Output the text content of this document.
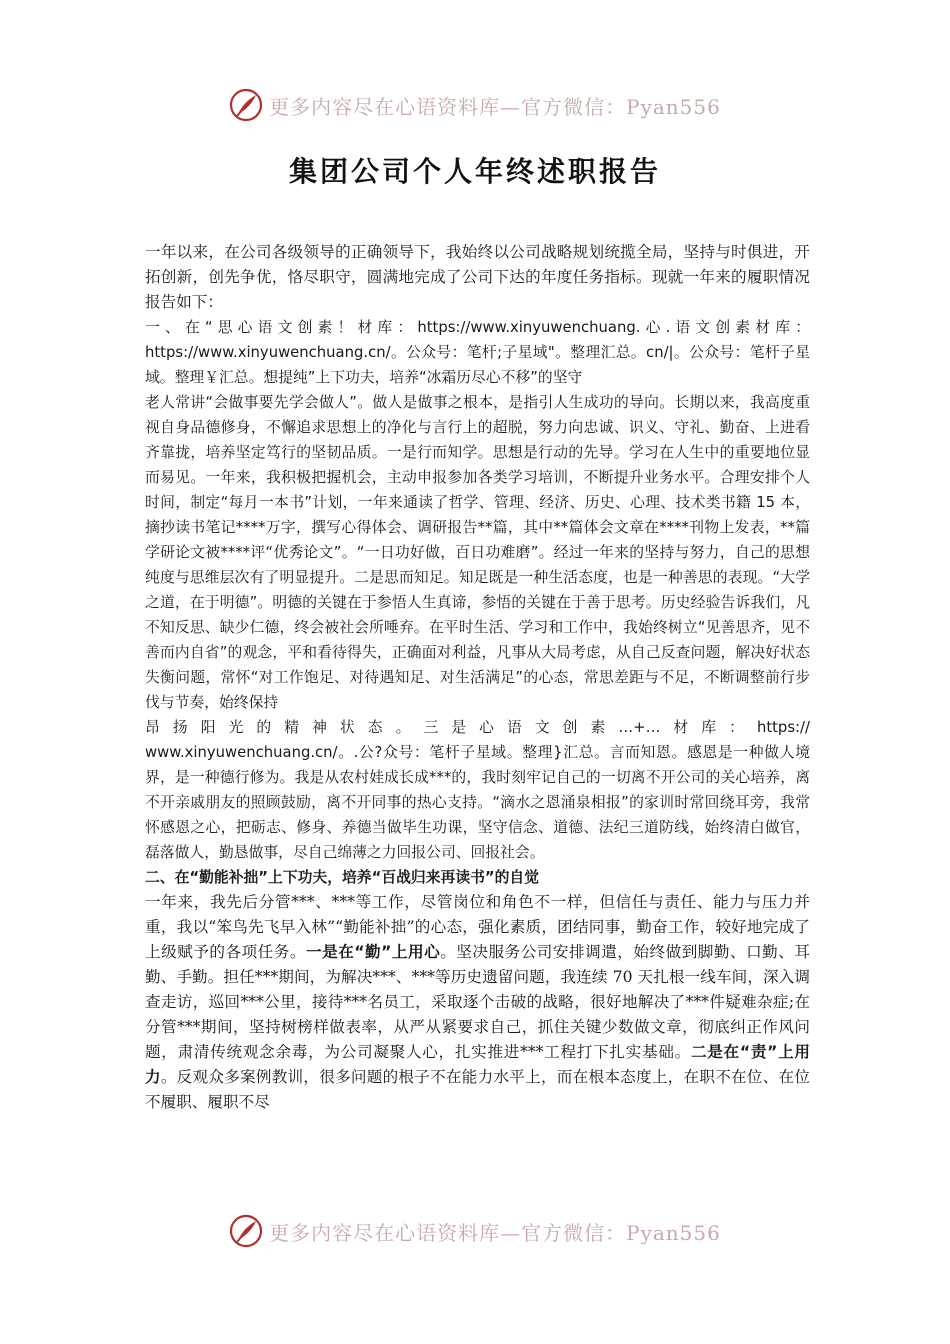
更多内容尽在心语资料库—官方微信：Pyan556
集团公司个人年终述职报告

一年以来，在公司各级领导的正确领导下，我始终以公司战略规划统揽全局，坚持与时俱进，开拓创新，创先争优，恪尽职守，圆满地完成了公司下达的年度任务指标。现就一年来的履职情况报告如下：

一、在“思心语文创素！材库：https://www.xinyuwenchuang.心.语文创素材库：https://www.xinyuwenchuang.cn/。公众号：笔杆;子星域"。整理汇总。cn/|。公众号：笔杆子星域。整理￥汇总。想提纯”上下功夫，培养“冰霜历尽心不移”的坚守

老人常讲“会做事要先学会做人”。做人是做事之根本，是指引人生成功的导向。长期以来，我高度重视自身品德修身，不懈追求思想上的净化与言行上的超脱，努力向忠诚、识义、守礼、勤奋、上进看齐靠拢，培养坚定笃行的坚韧品质。一是行而知学。思想是行动的先导。学习在人生中的重要地位显而易见。一年来，我积极把握机会，主动申报参加各类学习培训，不断提升业务水平。合理安排个人时间，制定“每月一本书”计划，一年来通读了哲学、管理、经济、历史、心理、技术类书籍 15 本，摘抄读书笔记****万字，撰写心得体会、调研报告**篇，其中**篇体会文章在****刊物上发表，**篇学研论文被****评“优秀论文”。“一日功好做，百日功难磨”。经过一年来的坚持与努力，自己的思想纯度与思维层次有了明显提升。二是思而知足。知足既是一种生活态度，也是一种善思的表现。“大学之道，在于明德”。明德的关键在于参悟人生真谛，参悟的关键在于善于思考。历史经验告诉我们，凡不知反思、缺少仁德，终会被社会所唾弃。在平时生活、学习和工作中，我始终树立“见善思齐，见不善而内自省”的观念，平和看待得失，正确面对利益，凡事从大局考虑，从自己反查问题，解决好状态失衡问题，常怀“对工作饱足、对待遇知足、对生活满足”的心态，常思差距与不足，不断调整前行步伐与节奏，始终保持

昂扬阳光的精神状态。三是心语文创素…+…材库：https://

www.xinyuwenchuang.cn/。.公?众号：笔杆子星域。整理}汇总。言而知恩。感恩是一种做人境界，是一种德行修为。我是从农村娃成长成***的，我时刻牢记自己的一切离不开公司的关心培养，离不开亲戚朋友的照顾鼓励，离不开同事的热心支持。“滴水之恩涌泉相报”的家训时常回绕耳旁，我常怀感恩之心，把砺志、修身、养德当做毕生功课，坚守信念、道德、法纪三道防线，始终清白做官，磊落做人，勤恳做事，尽自己绵薄之力回报公司、回报社会。

二、在“勤能补拙”上下功夫，培养“百战归来再读书”的自觉

一年来，我先后分管***、***等工作，尽管岗位和角色不一样，但信任与责任、能力与压力并重，我以“笨鸟先飞早入林”“勤能补拙”的心态，强化素质，团结同事，勤奋工作，较好地完成了上级赋予的各项任务。一是在“勤”上用心。坚决服务公司安排调遣，始终做到脚勤、口勤、耳勤、手勤。担任***期间，为解决***、***等历史遗留问题，我连续 70 天扎根一线车间，深入调查走访，巡回***公里，接待***名员工，采取逐个击破的战略，很好地解决了***件疑难杂症;在分管***期间，坚持树榜样做表率，从严从紧要求自己，抓住关键少数做文章，彻底纠正作风问题，肃清传统观念余毒，为公司凝聚人心，扎实推进***工程打下扎实基础。二是在“责”上用力。反观众多案例教训，很多问题的根子不在能力水平上，而在根本态度上，在职不在位、在位不履职、履职不尽

更多内容尽在心语资料库—官方微信：Pyan556
